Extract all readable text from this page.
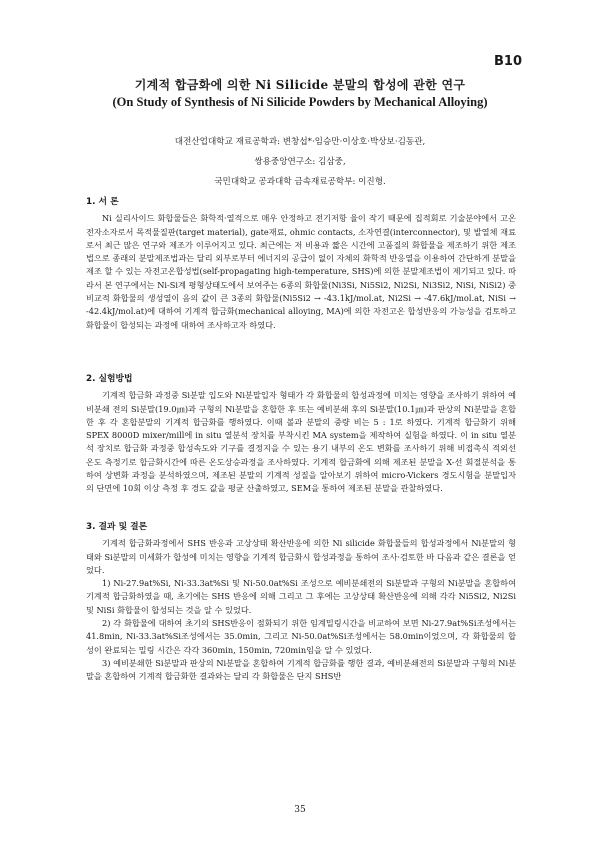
B10
기계적 합금화에 의한 Ni Silicide 분말의 합성에 관한 연구
(On Study of Synthesis of Ni Silicide Powders by Mechanical Alloying)
대전산업대학교 재료공학과: 변창섭*·임승만·이상호·박상보·김동관,
쌍용중앙연구소: 김삼중,
국민대학교 공과대학 금속재료공학부: 이진형.
1. 서 론

Ni 실리사이드 화합물들은 화학적·열적으로 매우 안정하고 전기저항 율이 작기 때문에 집적회로 기술분야에서 고온전자소자로서 목적물질판(target material), gate재료, ohmic contacts, 소자연결(interconnector), 및 발열체 재료로서 최근 많은 연구와 제조가 이루어지고 있다. 최근에는 저 비용과 짧은 시간에 고품질의 화합물을 제조하기 위한 제조법으로 종래의 분말제조법과는 달리 외부로부터 에너지의 공급이 없이 자체의 화학적 반응열을 이용하여 간단하게 분말을 제조 할 수 있는 자전고온합성법(self-propagating high-temperature, SHS)에 의한 분말제조법이 제기되고 있다. 따라서 본 연구에서는 Ni-Si계 평형상태도에서 보여주는 6종의 화합물(Ni3Si, Ni5Si2, Ni2Si, Ni3Si2, NiSi, NiSi2) 중 비교적 화합물의 생성열이 음의 값이 큰 3종의 화합물(Ni5Si2 → -43.1kJ/mol.at, Ni2Si → -47.6kJ/mol.at, NiSi → -42.4kJ/mol.at)에 대하여 기계적 합금화(mechanical alloying, MA)에 의한 자전고온 합성반응의 가능성을 검토하고 화합물이 합성되는 과정에 대하여 조사하고자 하였다.

2. 실험방법

기계적 합금화 과정중 Si분말 입도와 Ni분말입자 형태가 각 화합물의 합성과정에 미치는 영향을 조사하기 위하여 예비분쇄 전의 Si분말(19.0㎛)과 구형의 Ni분말을 혼합한 후 또는 예비분쇄 후의 Si분말(10.1㎛)과 판상의 Ni분말을 혼합한 후 각 혼합분말의 기계적 합금화를 행하였다. 이때 볼과 분말의 중량 비는 5 : 1로 하였다. 기계적 합금화기 위해 SPEX 8000D mixer/mill에 in situ 열분석 장치를 부착시킨 MA system을 제작하여 실험을 하였다. 이 in situ 열분석 장치로 합금화 과정중 합성속도와 기구를 결정지을 수 있는 용기 내부의 온도 변화를 조사하기 위해 비접촉식 적외선 온도 측정기로 합금화시간에 따른 온도상승과정을 조사하였다. 기계적 합금화에 의해 제조된 분말을 X-선 회절분석을 통하여 상변화 과정을 분석하였으며, 제조된 분말의 기계적 성질을 알아보기 위하여 micro-Vickers 경도시험을 분말입자의 단면에 10회 이상 측정 후 경도 값을 평균 산출하였고, SEM을 통하여 제조된 분말을 관찰하였다.

3. 결과 및 결론

기계적 합금화과정에서 SHS 반응과 고상상태 확산반응에 의한 Ni silicide 화합물들의 합성과정에서 Ni분말의 형태와 Si분말의 미세화가 합성에 미치는 영향을 기계적 합금화시 합성과정을 통하여 조사·검토한 바 다음과 같은 결론을 얻었다.

1) Ni-27.9at%Si, Ni-33.3at%Si 및 Ni-50.0at%Si 조성으로 예비분쇄전의 Si분말과 구형의 Ni분말을 혼합하여 기계적 합금화하였을 때, 초기에는 SHS 반응에 의해 그리고 그 후에는 고상상태 확산반응에 의해 각각 Ni5Si2, Ni2Si 및 NiSi 화합물이 합성되는 것을 알 수 있었다.

2) 각 화합물에 대하여 초기의 SHS반응이 점화되기 위한 임계밀링시간을 비교하여 보면 Ni-27.9at%Si조성에서는 41.8min, Ni-33.3at%Si조성에서는 35.0min, 그리고 Ni-50.0at%Si조성에서는 58.0min이었으며, 각 화합물의 합성이 완료되는 밀링 시간은 각각 360min, 150min, 720min임을 알 수 있었다.

3) 예비분쇄한 Si분말과 판상의 Ni분말을 혼합하여 기계적 합금화를 행한 결과, 예비분쇄전의 Si분말과 구형의 Ni분말을 혼합하여 기계적 합금화한 결과와는 달리 각 화합물은 단지 SHS반

35
